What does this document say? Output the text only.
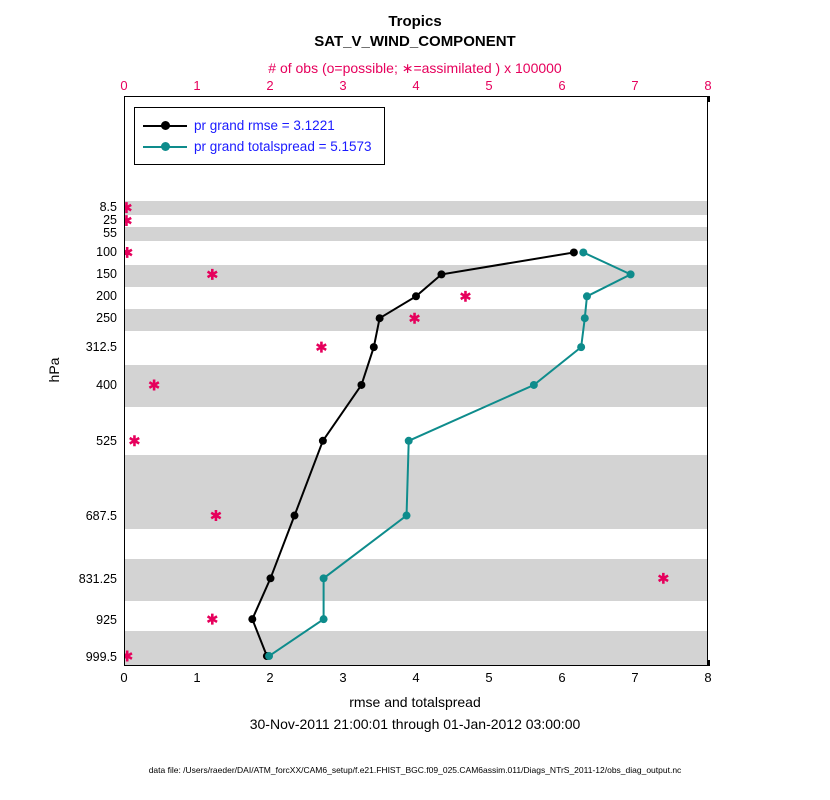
Tropics
SAT_V_WIND_COMPONENT
# of obs (o=possible; ∗=assimilated ) x 100000
0	1	2	3	4	5	6	7	8
0	1	2	3	4	5	6	7	8
8.5
25
55
100
150
200
250
312.5
400
525
687.5
831.25
925
999.5
hPa
pr grand rmse = 3.1221
pr grand totalspread = 5.1573
rmse and totalspread
30-Nov-2011 21:00:01 through 01-Jan-2012 03:00:00
data file: /Users/raeder/DAI/ATM_forcXX/CAM6_setup/f.e21.FHIST_BGC.f09_025.CAM6assim.011/Diags_NTrS_2011-12/obs_diag_output.nc
